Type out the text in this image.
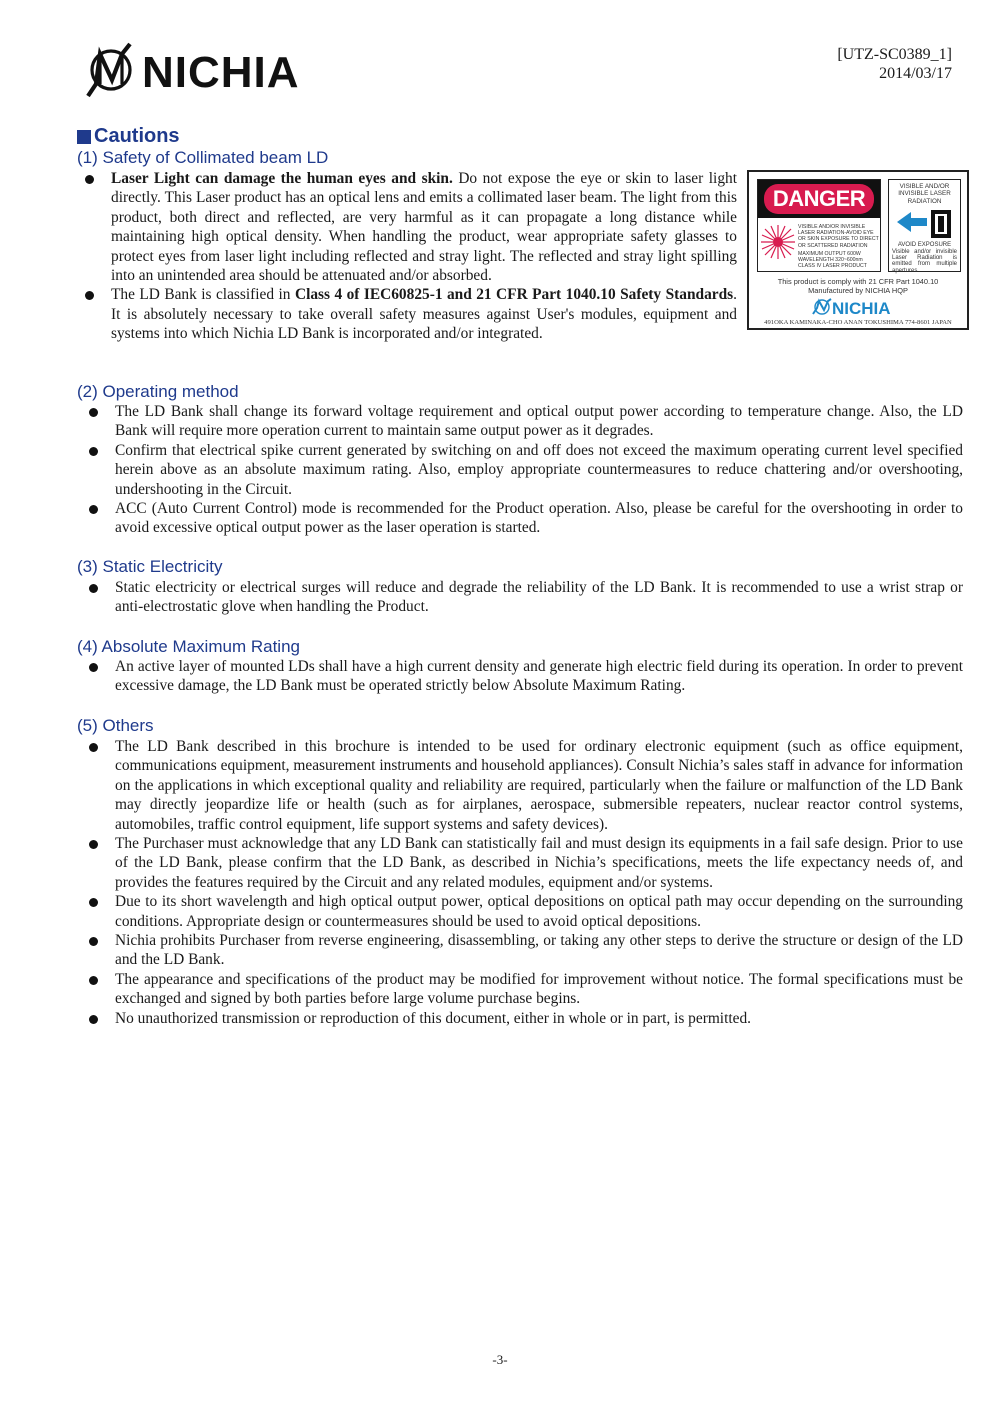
NICHIA	[UTZ-SC0389_1]
2014/03/17
Cautions
(1) Safety of Collimated beam LD
Laser Light can damage the human eyes and skin. Do not expose the eye or skin to laser light directly. This Laser product has an optical lens and emits a collimated laser beam. The light from this product, both direct and reflected, are very harmful as it can propagate a long distance while maintaining high optical density. When handling the product, wear appropriate safety glasses to protect eyes from laser light including reflected and stray light. The reflected and stray light spilling into an unintended area should be attenuated and/or absorbed.
The LD Bank is classified in Class 4 of IEC60825-1 and 21 CFR Part 1040.10 Safety Standards. It is absolutely necessary to take overall safety measures against User's modules, equipment and systems into which Nichia LD Bank is incorporated and/or integrated.
DANGER
VISIBLE AND/OR INVISIBLE
LASER RADIATION-AVOID EYE
OR SKIN EXPOSURE TO DIRECT
OR SCATTERED RADIATION
MAXIMUM OUTPUT 600W
WAVELENGTH 320~600nm
CLASS IV LASER PRODUCT
VISIBLE AND/OR INVISIBLE LASER RADIATION
AVOID EXPOSURE
Visible and/or invisible Laser Radiation is emitted from multiple apertures
This product is comply with 21 CFR Part 1040.10
Manufactured by NICHIA HQP
NICHIA
491OKA KAMINAKA-CHO ANAN TOKUSHIMA 774-8601 JAPAN
(2) Operating method
The LD Bank shall change its forward voltage requirement and optical output power according to temperature change. Also, the LD Bank will require more operation current to maintain same output power as it degrades.
Confirm that electrical spike current generated by switching on and off does not exceed the maximum operating current level specified herein above as an absolute maximum rating. Also, employ appropriate countermeasures to reduce chattering and/or overshooting, undershooting in the Circuit.
ACC (Auto Current Control) mode is recommended for the Product operation. Also, please be careful for the overshooting in order to avoid excessive optical output power as the laser operation is started.
(3) Static Electricity
Static electricity or electrical surges will reduce and degrade the reliability of the LD Bank. It is recommended to use a wrist strap or anti-electrostatic glove when handling the Product.
(4) Absolute Maximum Rating
An active layer of mounted LDs shall have a high current density and generate high electric field during its operation. In order to prevent excessive damage, the LD Bank must be operated strictly below Absolute Maximum Rating.
(5) Others
The LD Bank described in this brochure is intended to be used for ordinary electronic equipment (such as office equipment, communications equipment, measurement instruments and household appliances). Consult Nichia’s sales staff in advance for information on the applications in which exceptional quality and reliability are required, particularly when the failure or malfunction of the LD Bank may directly jeopardize life or health (such as for airplanes, aerospace, submersible repeaters, nuclear reactor control systems, automobiles, traffic control equipment, life support systems and safety devices).
The Purchaser must acknowledge that any LD Bank can statistically fail and must design its equipments in a fail safe design. Prior to use of the LD Bank, please confirm that the LD Bank, as described in Nichia’s specifications, meets the life expectancy needs of, and provides the features required by the Circuit and any related modules, equipment and/or systems.
Due to its short wavelength and high optical output power, optical depositions on optical path may occur depending on the surrounding conditions. Appropriate design or countermeasures should be used to avoid optical depositions.
Nichia prohibits Purchaser from reverse engineering, disassembling, or taking any other steps to derive the structure or design of the LD and the LD Bank.
The appearance and specifications of the product may be modified for improvement without notice. The formal specifications must be exchanged and signed by both parties before large volume purchase begins.
No unauthorized transmission or reproduction of this document, either in whole or in part, is permitted.
-3-
